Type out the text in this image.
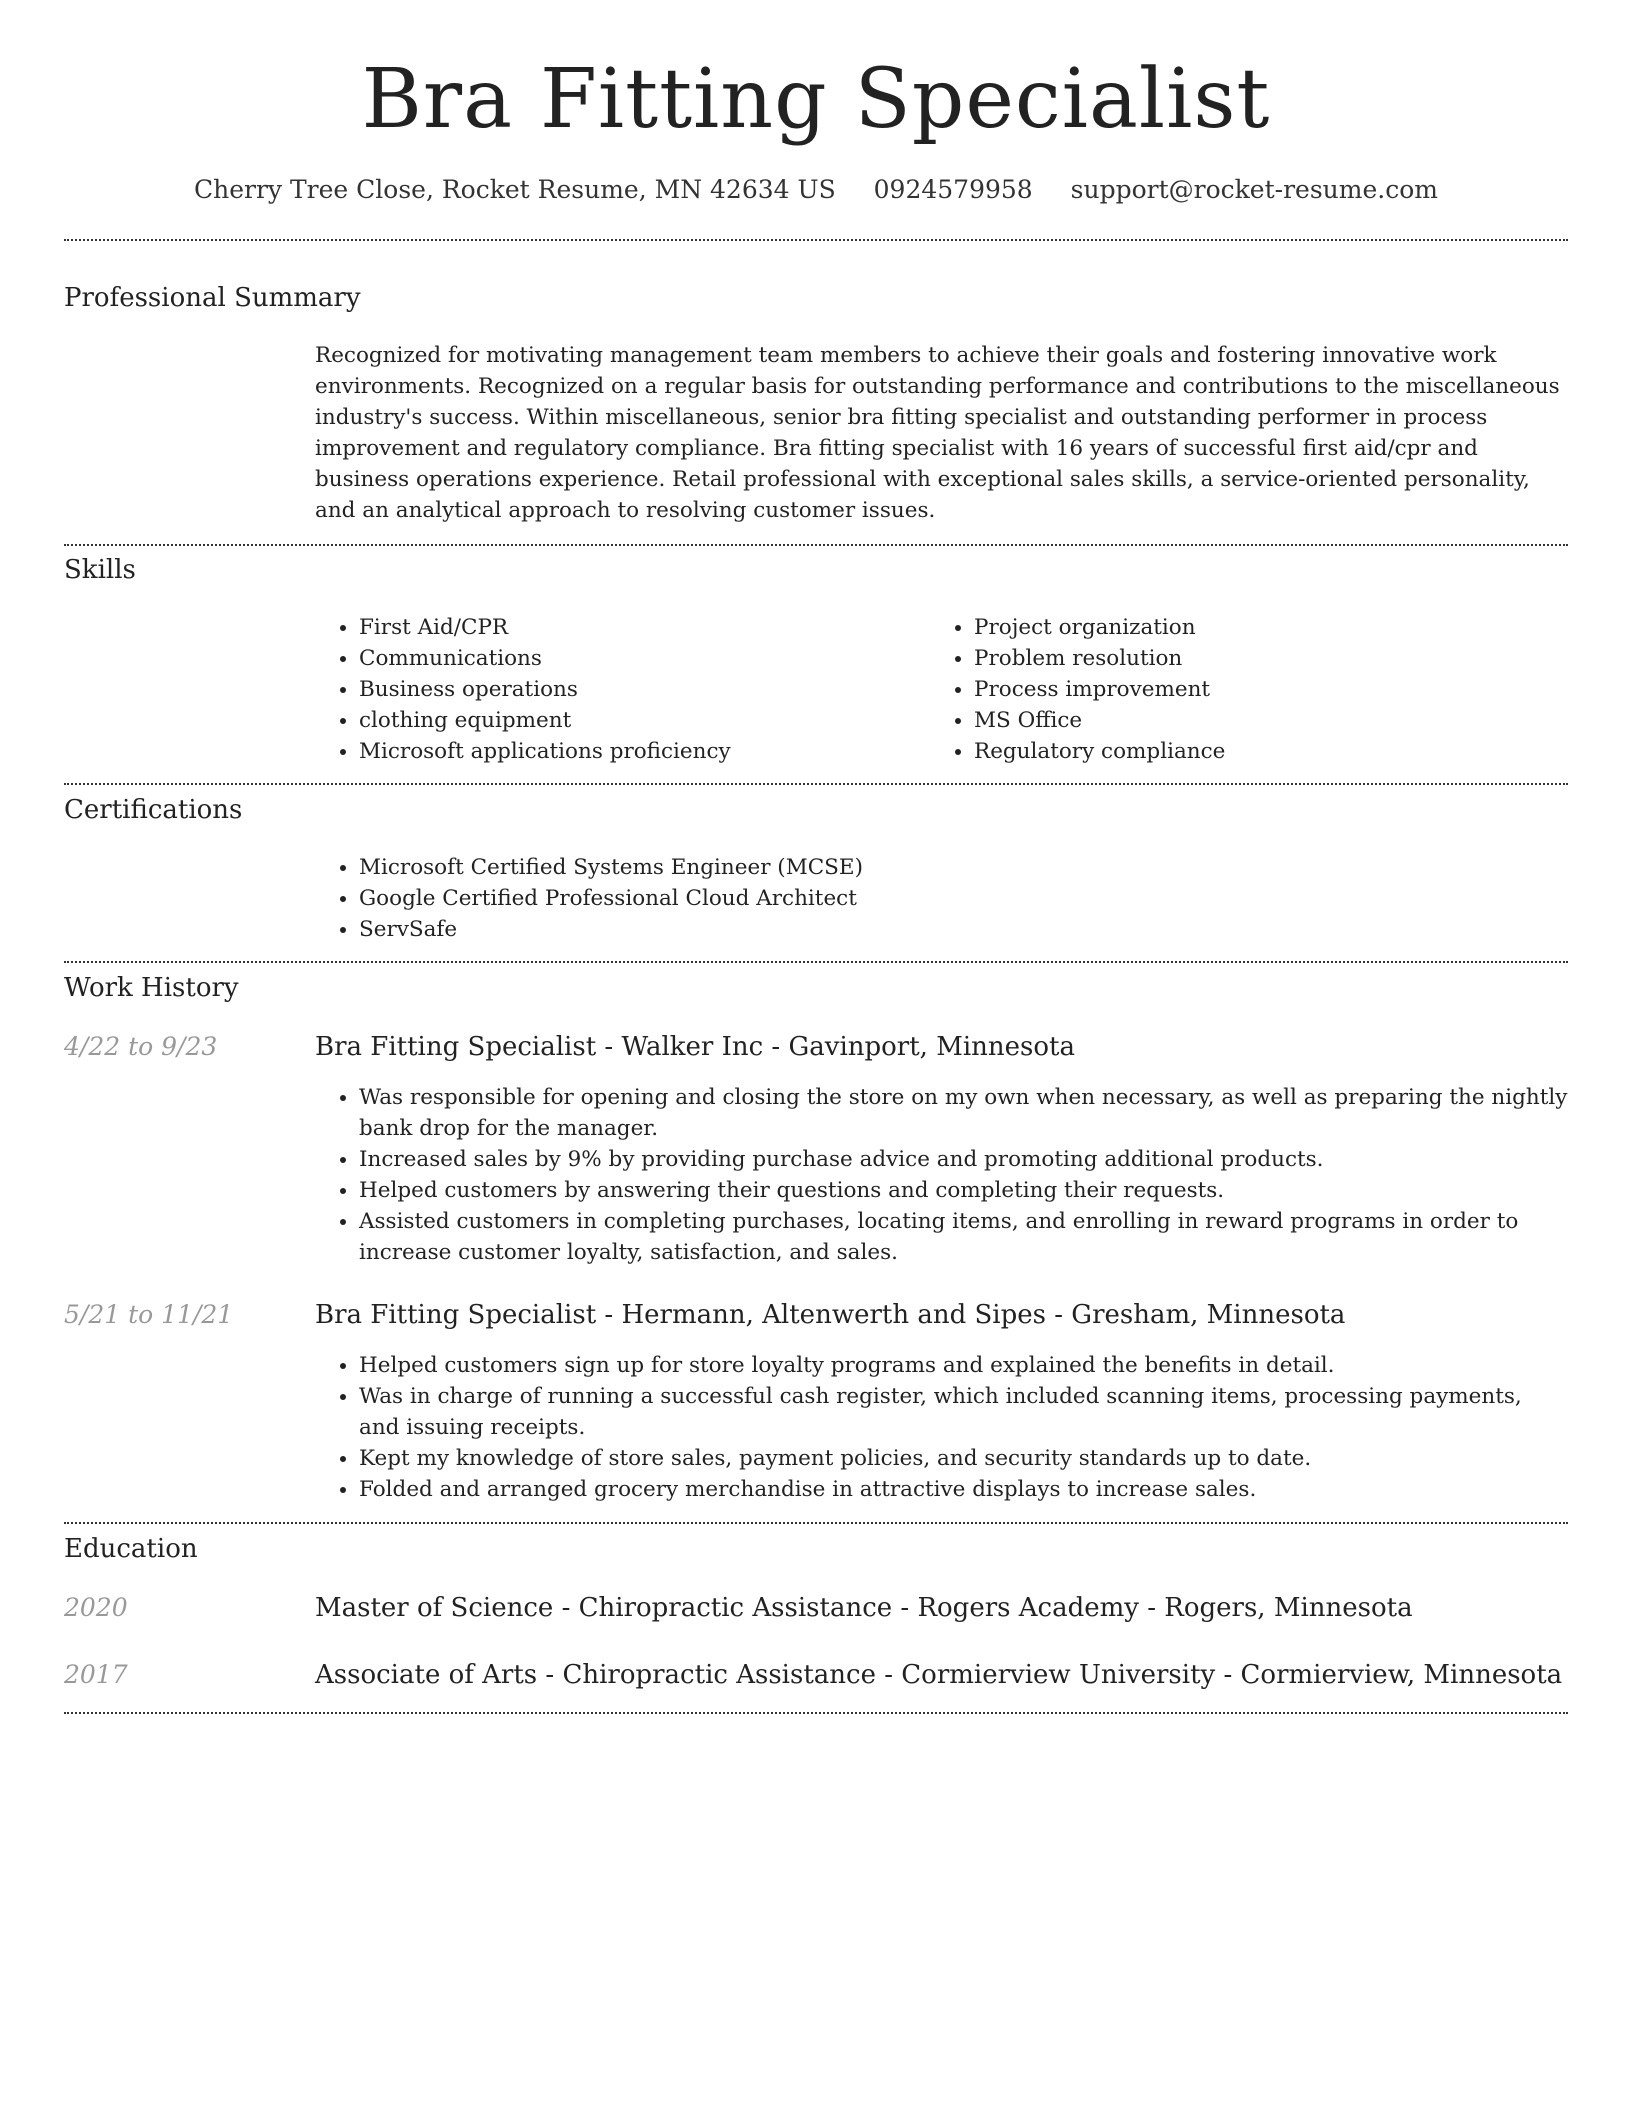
Bra Fitting Specialist
Cherry Tree Close, Rocket Resume, MN 42634 US 0924579958 support@rocket-resume.com
Professional Summary

Recognized for motivating management team members to achieve their goals and fostering innovative work environments. Recognized on a regular basis for outstanding performance and contributions to the miscellaneous industry's success. Within miscellaneous, senior bra fitting specialist and outstanding performer in process improvement and regulatory compliance. Bra fitting specialist with 16 years of successful first aid/cpr and business operations experience. Retail professional with exceptional sales skills, a service-oriented personality, and an analytical approach to resolving customer issues.

Skills
• First Aid/CPR
• Communications
• Business operations
• clothing equipment
• Microsoft applications proficiency
• Project organization
• Problem resolution
• Process improvement
• MS Office
• Regulatory compliance
Certifications
• Microsoft Certified Systems Engineer (MCSE)
• Google Certified Professional Cloud Architect
• ServSafe
Work History
4/22 to 9/23	Bra Fitting Specialist - Walker Inc - Gavinport, Minnesota
• Was responsible for opening and closing the store on my own when necessary, as well as preparing the nightly bank drop for the manager.
• Increased sales by 9% by providing purchase advice and promoting additional products.
• Helped customers by answering their questions and completing their requests.
• Assisted customers in completing purchases, locating items, and enrolling in reward programs in order to increase customer loyalty, satisfaction, and sales.
5/21 to 11/21	Bra Fitting Specialist - Hermann, Altenwerth and Sipes - Gresham, Minnesota
• Helped customers sign up for store loyalty programs and explained the benefits in detail.
• Was in charge of running a successful cash register, which included scanning items, processing payments, and issuing receipts.
• Kept my knowledge of store sales, payment policies, and security standards up to date.
• Folded and arranged grocery merchandise in attractive displays to increase sales.
Education
2020	Master of Science - Chiropractic Assistance - Rogers Academy - Rogers, Minnesota
2017	Associate of Arts - Chiropractic Assistance - Cormierview University - Cormierview, Minnesota
